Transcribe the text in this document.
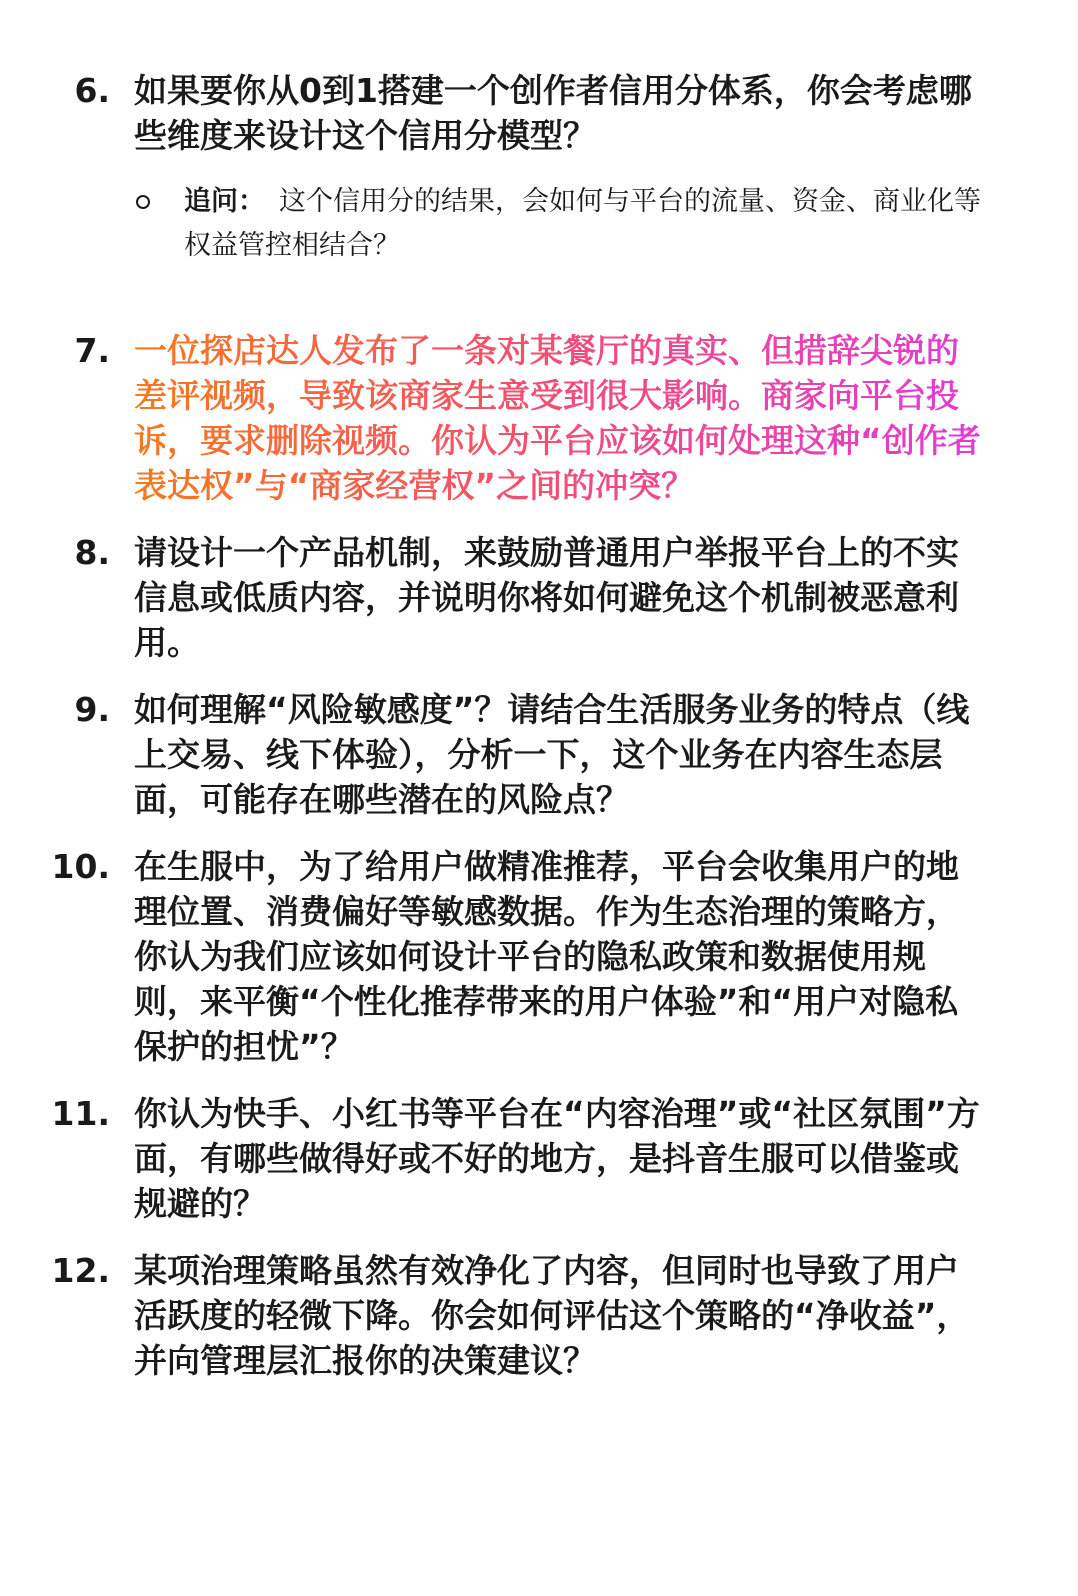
6. 如果要你从0到1搭建一个创作者信用分体系，你会考虑哪些维度来设计这个信用分模型？
追问： 这个信用分的结果，会如何与平台的流量、资金、商业化等权益管控相结合？
7. 一位探店达人发布了一条对某餐厅的真实、但措辞尖锐的差评视频，导致该商家生意受到很大影响。商家向平台投诉，要求删除视频。你认为平台应该如何处理这种“创作者表达权”与“商家经营权”之间的冲突？
8. 请设计一个产品机制，来鼓励普通用户举报平台上的不实信息或低质内容，并说明你将如何避免这个机制被恶意利用。
9. 如何理解“风险敏感度”？请结合生活服务业务的特点（线上交易、线下体验），分析一下，这个业务在内容生态层面，可能存在哪些潜在的风险点？
10. 在生服中，为了给用户做精准推荐，平台会收集用户的地理位置、消费偏好等敏感数据。作为生态治理的策略方，你认为我们应该如何设计平台的隐私政策和数据使用规则，来平衡“个性化推荐带来的用户体验”和“用户对隐私保护的担忧”？
11. 你认为快手、小红书等平台在“内容治理”或“社区氛围”方面，有哪些做得好或不好的地方，是抖音生服可以借鉴或规避的？
12. 某项治理策略虽然有效净化了内容，但同时也导致了用户活跃度的轻微下降。你会如何评估这个策略的“净收益”，并向管理层汇报你的决策建议？
